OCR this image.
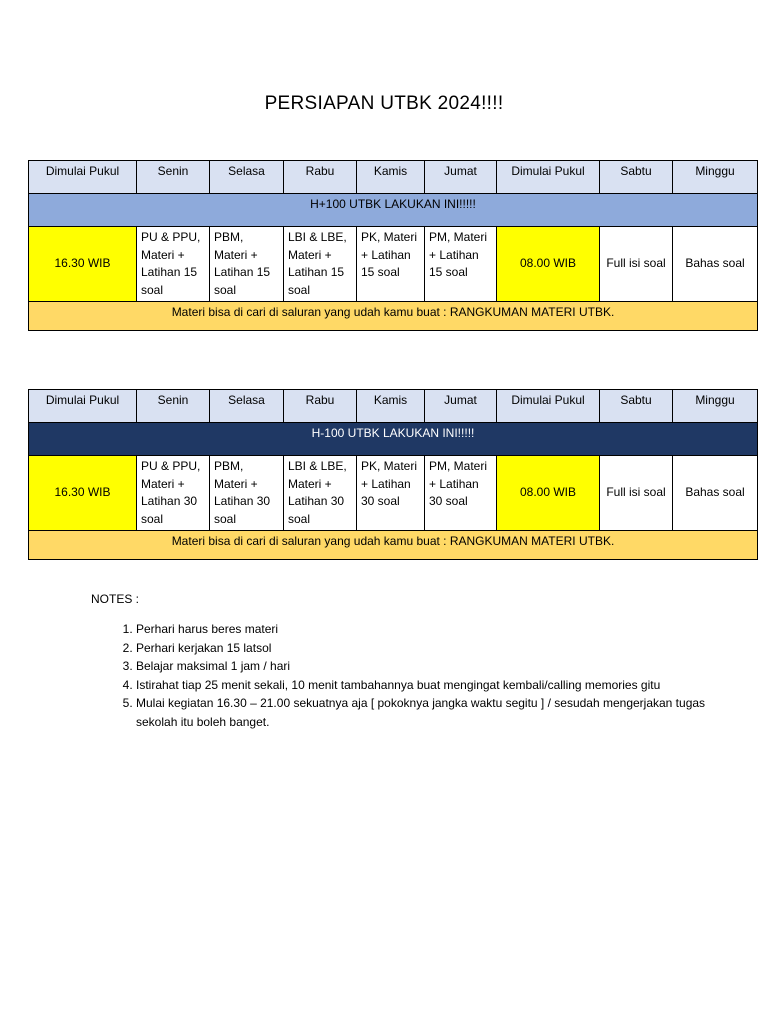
PERSIAPAN UTBK 2024!!!!
Dimulai Pukul	Senin	Selasa	Rabu	Kamis	Jumat	Dimulai Pukul	Sabtu	Minggu
H+100 UTBK LAKUKAN INI!!!!!								
16.30 WIB	PU & PPU, Materi + Latihan 15 soal	PBM, Materi + Latihan 15 soal	LBI & LBE, Materi + Latihan 15 soal	PK, Materi + Latihan 15 soal	PM, Materi + Latihan 15 soal	08.00 WIB	Full isi soal	Bahas soal
Materi bisa di cari di saluran yang udah kamu buat : RANGKUMAN MATERI UTBK.								
Dimulai Pukul	Senin	Selasa	Rabu	Kamis	Jumat	Dimulai Pukul	Sabtu	Minggu
H-100 UTBK LAKUKAN INI!!!!!								
16.30 WIB	PU & PPU, Materi + Latihan 30 soal	PBM, Materi + Latihan 30 soal	LBI & LBE, Materi + Latihan 30 soal	PK, Materi + Latihan 30 soal	PM, Materi + Latihan 30 soal	08.00 WIB	Full isi soal	Bahas soal
Materi bisa di cari di saluran yang udah kamu buat : RANGKUMAN MATERI UTBK.								
NOTES :
1. Perhari harus beres materi
2. Perhari kerjakan 15 latsol
3. Belajar maksimal 1 jam / hari
4. Istirahat tiap 25 menit sekali, 10 menit tambahannya buat mengingat kembali/calling memories gitu
5. Mulai kegiatan 16.30 – 21.00 sekuatnya aja [ pokoknya jangka waktu segitu ] / sesudah mengerjakan tugas sekolah itu boleh banget.
